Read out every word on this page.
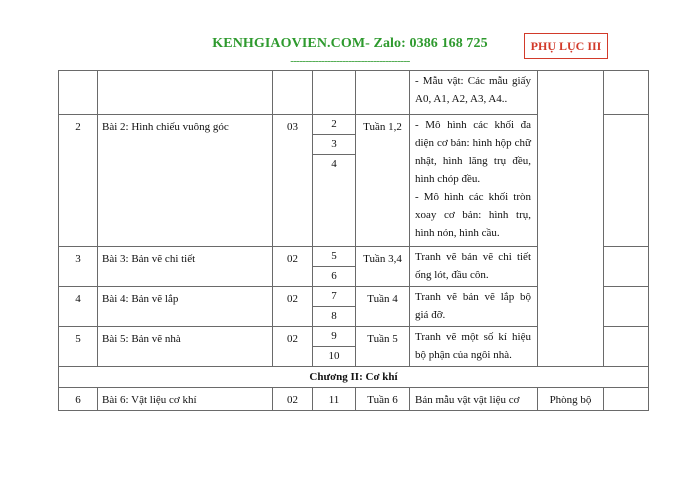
KENHGIAOVIEN.COM- Zalo: 0386 168 725
---------------------------------------
PHỤ LỤC III
					- Mẫu vật: Các mẫu giấy A0, A1, A2, A3, A4..		
2	Bài 2: Hình chiếu vuông góc	03	2	Tuần 1,2	- Mô hình các khối đa diện cơ bản: hình hộp chữ nhật, hình lăng trụ đều, hình chóp đều.
- Mô hình các khối tròn xoay cơ bản: hình trụ, hình nón, hình cầu.		

			3				
			4				
3	Bài 3: Bản vẽ chi tiết	02	5	Tuần 3,4	Tranh vẽ bản vẽ chi tiết ống lót, đầu côn.		
			6				
4	Bài 4: Bản vẽ lắp	02	7	Tuần 4	Tranh vẽ bản vẽ lắp bộ giá đỡ.		
			8				
5	Bài 5: Bản vẽ nhà	02	9	Tuần 5	Tranh vẽ một số kí hiệu bộ phận của ngôi nhà.		
			10				
Chương II: Cơ khí							
6	Bài 6: Vật liệu cơ khí	02	11	Tuần 6	Bản mẫu vật vật liệu cơ	Phòng bộ	
